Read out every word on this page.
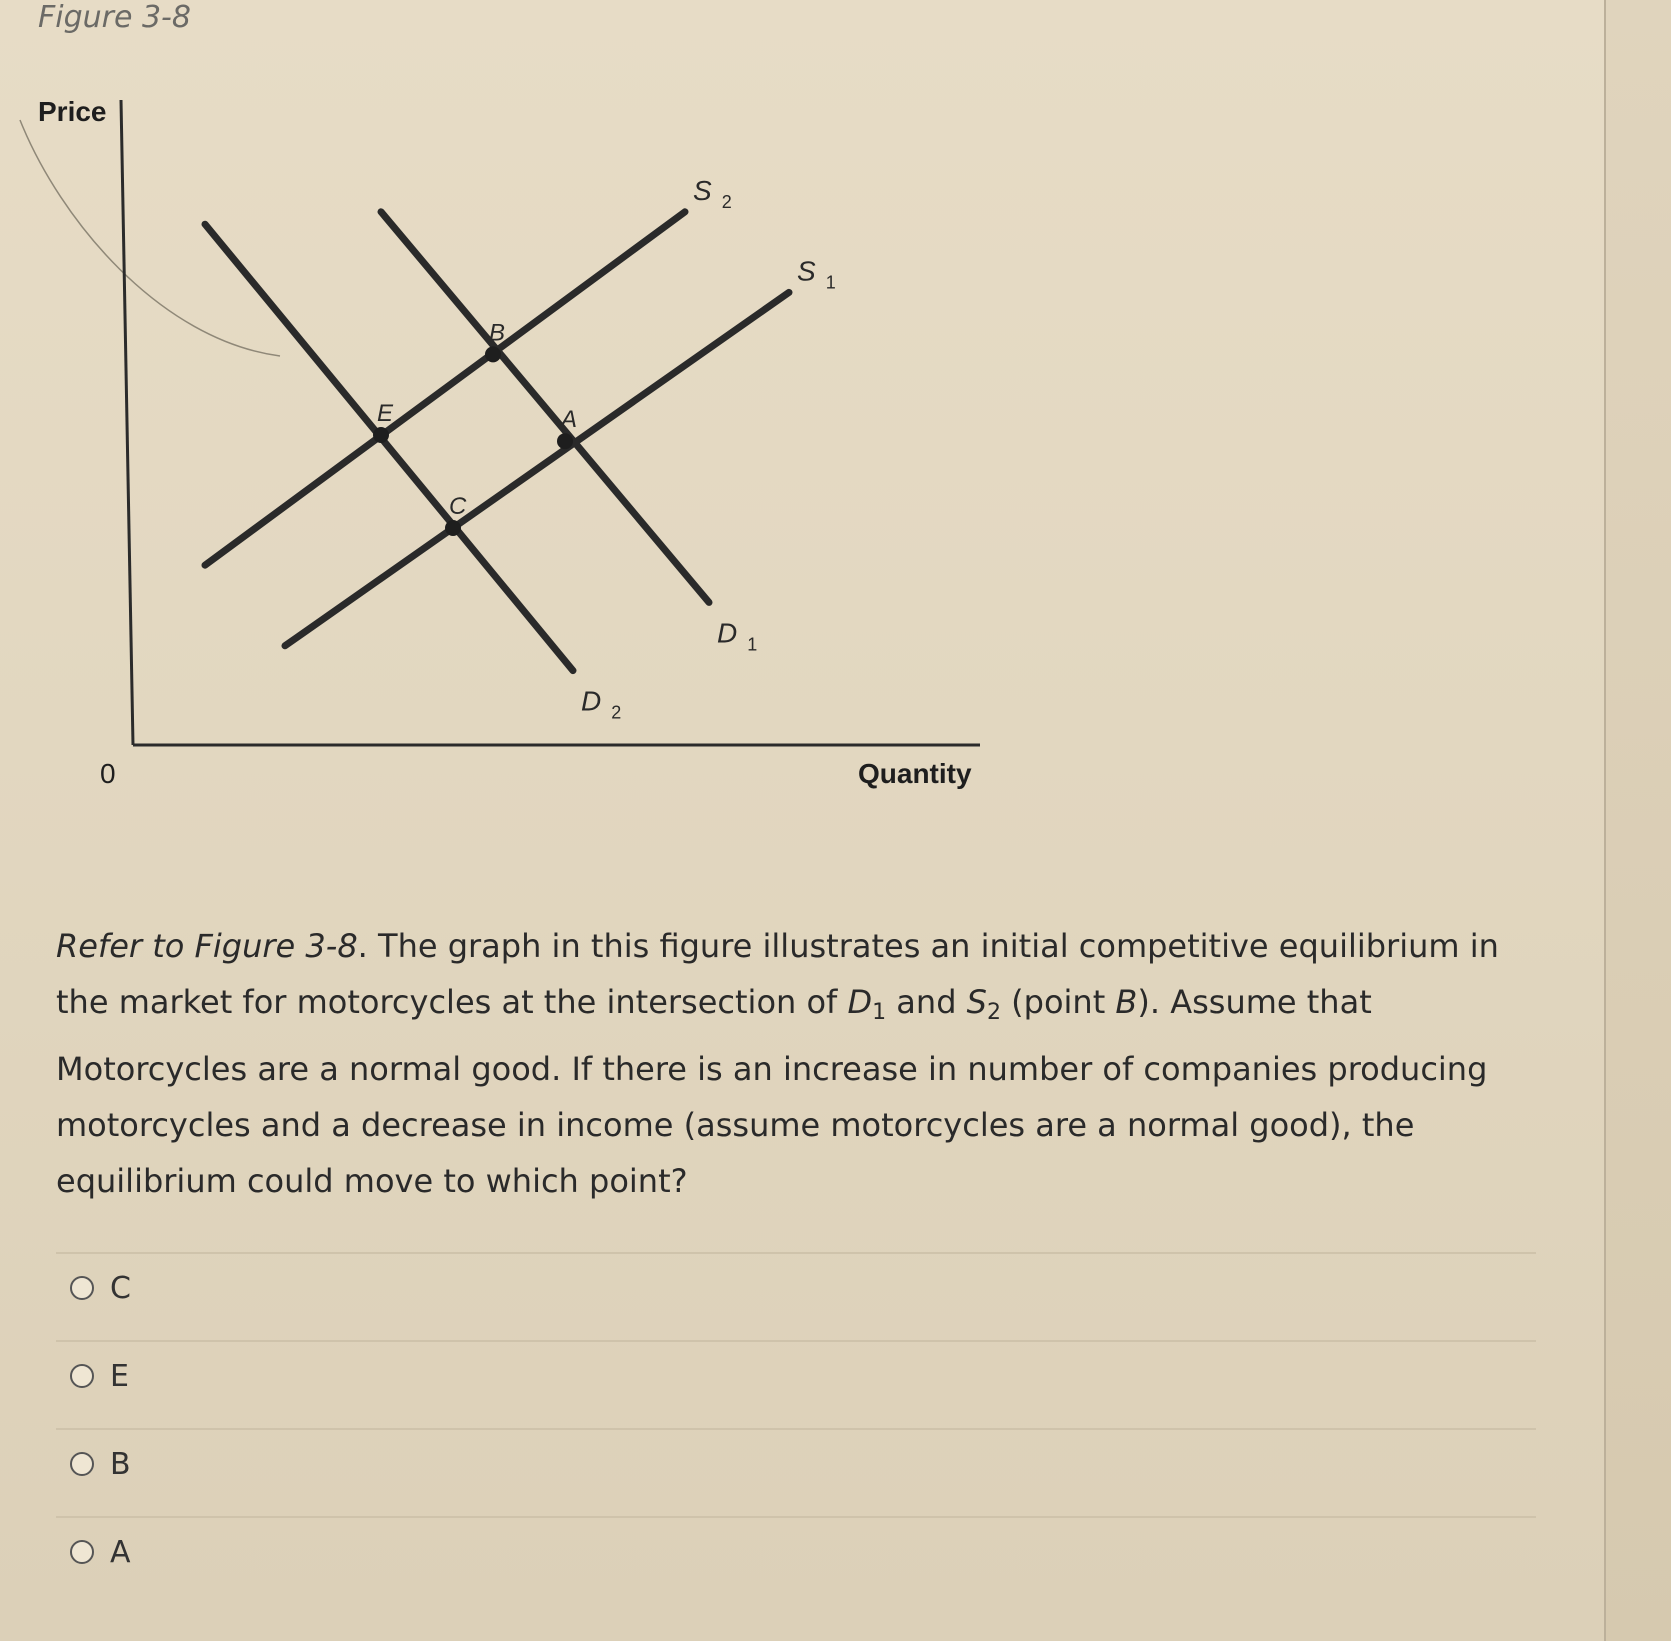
Figure 3-8
Price
0	Quantity
S $_2$
S $_1$
D $_1$
D $_2$
B
E	A
C
Refer to Figure 3-8. The graph in this figure illustrates an initial competitive equilibrium in the market for motorcycles at the intersection of $D_1$ and $S_2$ (point B). Assume that Motorcycles are a normal good. If there is an increase in number of companies producing motorcycles and a decrease in income (assume motorcycles are a normal good), the equilibrium could move to which point?
C
E
B
A
